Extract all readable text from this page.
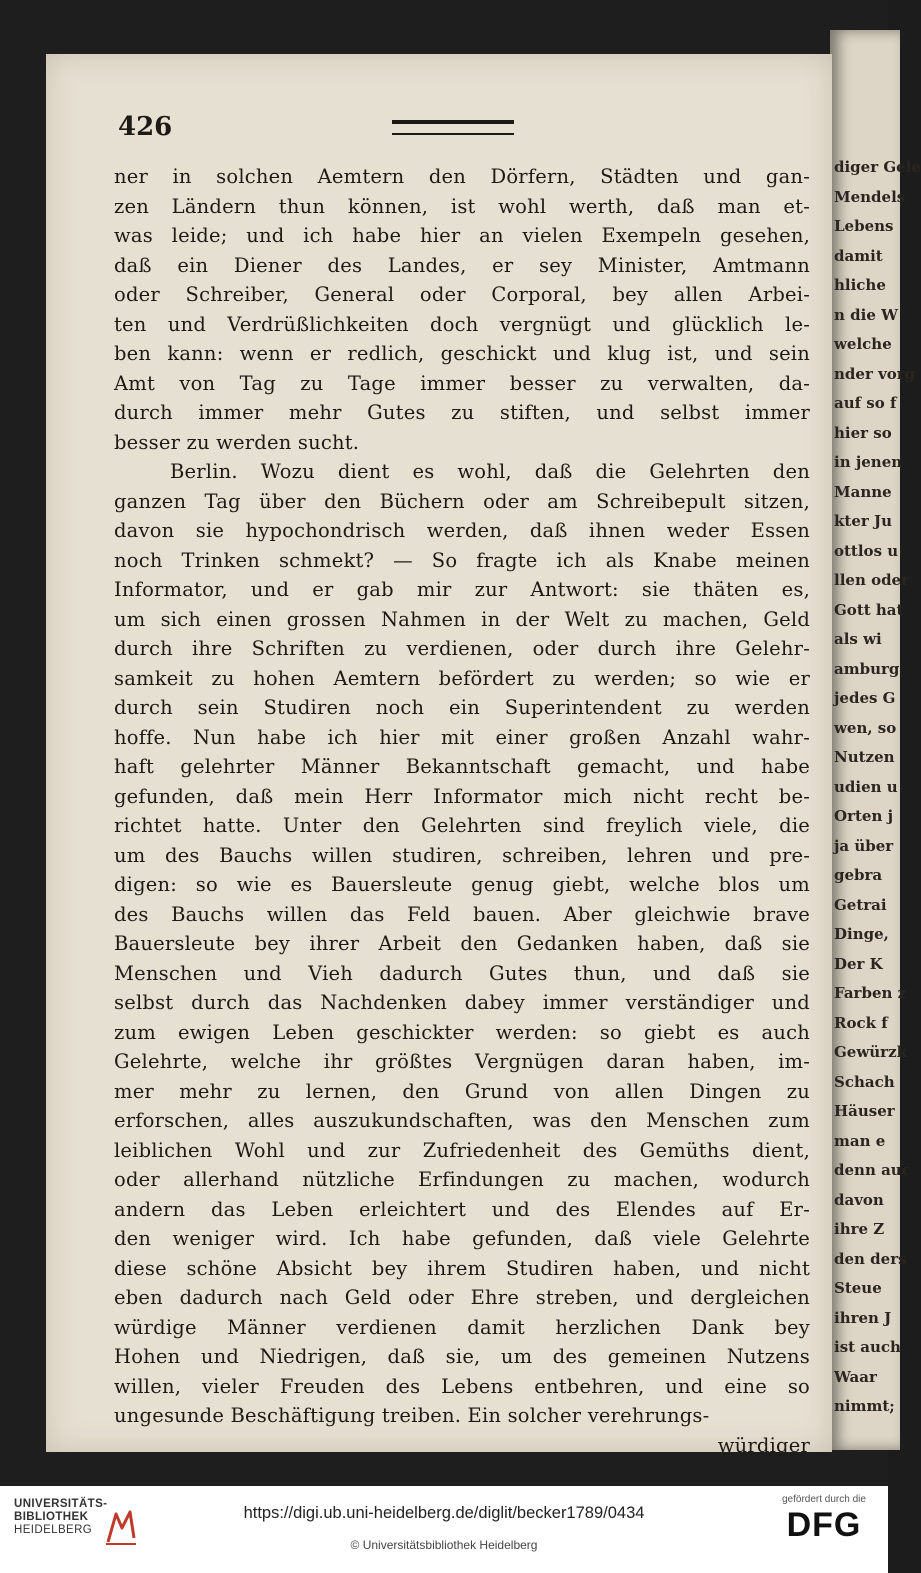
diger Gele
Mendels
Lebens
damit
hliche
n die W
welche
nder vorg
auf so f
hier so
in jenen
Manne
kter Ju
ottlos u
llen oder
Gott hat
als wi
amburg
jedes G
wen, so
Nutzen
udien u
Orten j
ja über
gebra
Getrai
Dinge,
Der K
Farben z
Rock f
Gewürzk
Schach
Häuser
man e
denn auc
davon
ihre Z
den ders
Steue
ihren J
ist auch
Waar
nimmt;
426
ner in solchen Aemtern den Dörfern, Städten und gan-
zen Ländern thun können, ist wohl werth, daß man et-
was leide; und ich habe hier an vielen Exempeln gesehen,
daß ein Diener des Landes, er sey Minister, Amtmann
oder Schreiber, General oder Corporal, bey allen Arbei-
ten und Verdrüßlichkeiten doch vergnügt und glücklich le-
ben kann: wenn er redlich, geschickt und klug ist, und sein
Amt von Tag zu Tage immer besser zu verwalten, da-
durch immer mehr Gutes zu stiften, und selbst immer
besser zu werden sucht.
Berlin. Wozu dient es wohl, daß die Gelehrten den
ganzen Tag über den Büchern oder am Schreibepult sitzen,
davon sie hypochondrisch werden, daß ihnen weder Essen
noch Trinken schmekt? — So fragte ich als Knabe meinen
Informator, und er gab mir zur Antwort: sie thäten es,
um sich einen grossen Nahmen in der Welt zu machen, Geld
durch ihre Schriften zu verdienen, oder durch ihre Gelehr-
samkeit zu hohen Aemtern befördert zu werden; so wie er
durch sein Studiren noch ein Superintendent zu werden
hoffe. Nun habe ich hier mit einer großen Anzahl wahr-
haft gelehrter Männer Bekanntschaft gemacht, und habe
gefunden, daß mein Herr Informator mich nicht recht be-
richtet hatte. Unter den Gelehrten sind freylich viele, die
um des Bauchs willen studiren, schreiben, lehren und pre-
digen: so wie es Bauersleute genug giebt, welche blos um
des Bauchs willen das Feld bauen. Aber gleichwie brave
Bauersleute bey ihrer Arbeit den Gedanken haben, daß sie
Menschen und Vieh dadurch Gutes thun, und daß sie
selbst durch das Nachdenken dabey immer verständiger und
zum ewigen Leben geschickter werden: so giebt es auch
Gelehrte, welche ihr größtes Vergnügen daran haben, im-
mer mehr zu lernen, den Grund von allen Dingen zu
erforschen, alles auszukundschaften, was den Menschen zum
leiblichen Wohl und zur Zufriedenheit des Gemüths dient,
oder allerhand nützliche Erfindungen zu machen, wodurch
andern das Leben erleichtert und des Elendes auf Er-
den weniger wird. Ich habe gefunden, daß viele Gelehrte
diese schöne Absicht bey ihrem Studiren haben, und nicht
eben dadurch nach Geld oder Ehre streben, und dergleichen
würdige Männer verdienen damit herzlichen Dank bey
Hohen und Niedrigen, daß sie, um des gemeinen Nutzens
willen, vieler Freuden des Lebens entbehren, und eine so
ungesunde Beschäftigung treiben. Ein solcher verehrungs-
würdiger
UNIVERSITÄTS-
BIBLIOTHEK
HEIDELBERG
https://digi.ub.uni-heidelberg.de/diglit/becker1789/0434
© Universitätsbibliothek Heidelberg
gefördert durch die
DFG
